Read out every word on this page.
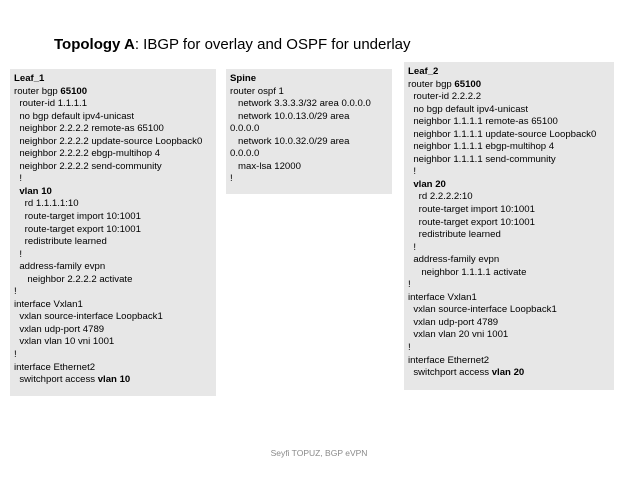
Topology A: IBGP for overlay and OSPF for underlay
Leaf_1
router bgp 65100
router-id 1.1.1.1
no bgp default ipv4-unicast
neighbor 2.2.2.2 remote-as 65100
neighbor 2.2.2.2 update-source Loopback0
neighbor 2.2.2.2 ebgp-multihop 4
neighbor 2.2.2.2 send-community
!
vlan 10
rd 1.1.1.1:10
route-target import 10:1001
route-target export 10:1001
redistribute learned
!
address-family evpn
neighbor 2.2.2.2 activate
!
interface Vxlan1
vxlan source-interface Loopback1
vxlan udp-port 4789
vxlan vlan 10 vni 1001
!
interface Ethernet2
switchport access vlan 10
Spine
router ospf 1
network 3.3.3.3/32 area 0.0.0.0
network 10.0.13.0/29 area
0.0.0.0
network 10.0.32.0/29 area
0.0.0.0
max-lsa 12000
!
Leaf_2
router bgp 65100
router-id 2.2.2.2
no bgp default ipv4-unicast
neighbor 1.1.1.1 remote-as 65100
neighbor 1.1.1.1 update-source Loopback0
neighbor 1.1.1.1 ebgp-multihop 4
neighbor 1.1.1.1 send-community
!
vlan 20
rd 2.2.2.2:10
route-target import 10:1001
route-target export 10:1001
redistribute learned
!
address-family evpn
neighbor 1.1.1.1 activate
!
interface Vxlan1
vxlan source-interface Loopback1
vxlan udp-port 4789
vxlan vlan 20 vni 1001
!
interface Ethernet2
switchport access vlan 20
Seyfi TOPUZ, BGP eVPN
